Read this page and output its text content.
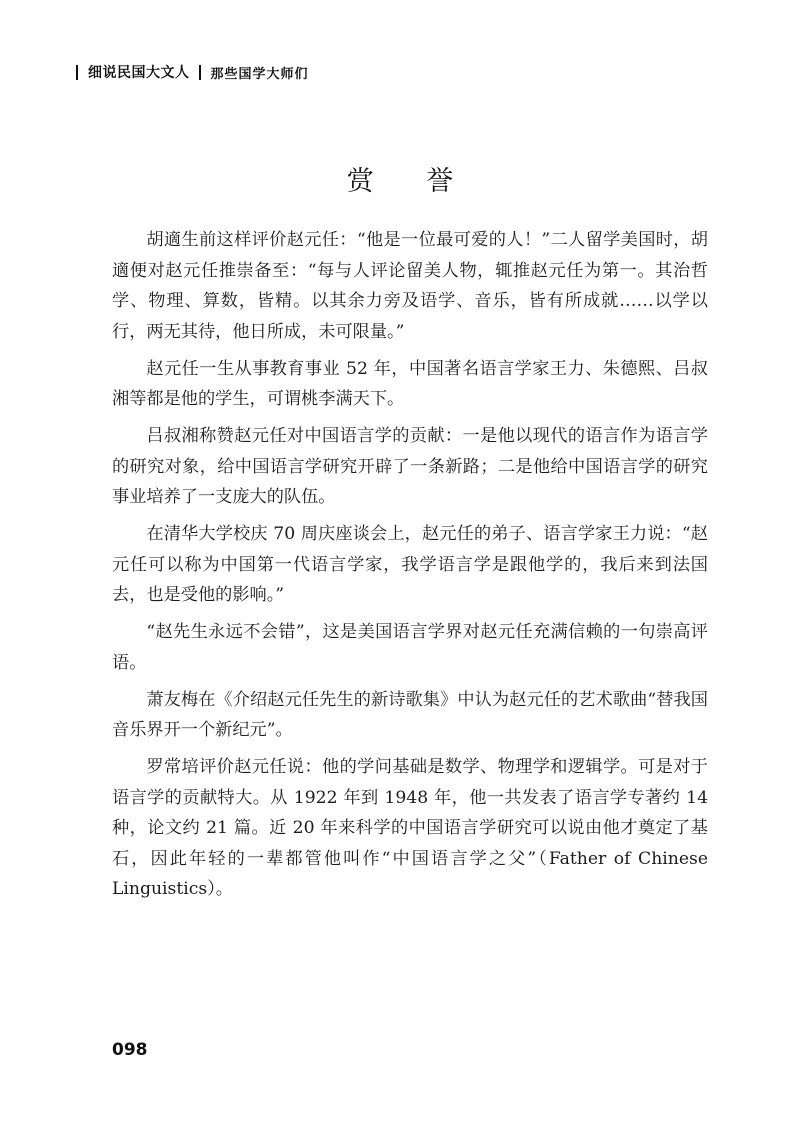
细说民国大文人 那些国学大师们
赏 誉

胡適生前这样评价赵元任：“他是一位最可爱的人！”二人留学美国时，胡適便对赵元任推崇备至：“每与人评论留美人物，辄推赵元任为第一。其治哲学、物理、算数，皆精。以其余力旁及语学、音乐，皆有所成就……以学以行，两无其待，他日所成，未可限量。”

赵元任一生从事教育事业 52 年，中国著名语言学家王力、朱德熙、吕叔湘等都是他的学生，可谓桃李满天下。

吕叔湘称赞赵元任对中国语言学的贡献：一是他以现代的语言作为语言学的研究对象，给中国语言学研究开辟了一条新路；二是他给中国语言学的研究事业培养了一支庞大的队伍。

在清华大学校庆 70 周庆座谈会上，赵元任的弟子、语言学家王力说：“赵元任可以称为中国第一代语言学家，我学语言学是跟他学的，我后来到法国去，也是受他的影响。”

“赵先生永远不会错”，这是美国语言学界对赵元任充满信赖的一句崇高评语。

萧友梅在《介绍赵元任先生的新诗歌集》中认为赵元任的艺术歌曲“替我国音乐界开一个新纪元”。

罗常培评价赵元任说：他的学问基础是数学、物理学和逻辑学。可是对于语言学的贡献特大。从 1922 年到 1948 年，他一共发表了语言学专著约 14 种，论文约 21 篇。近 20 年来科学的中国语言学研究可以说由他才奠定了基石，因此年轻的一辈都管他叫作“中国语言学之父”（Father of Chinese Linguistics）。

098
